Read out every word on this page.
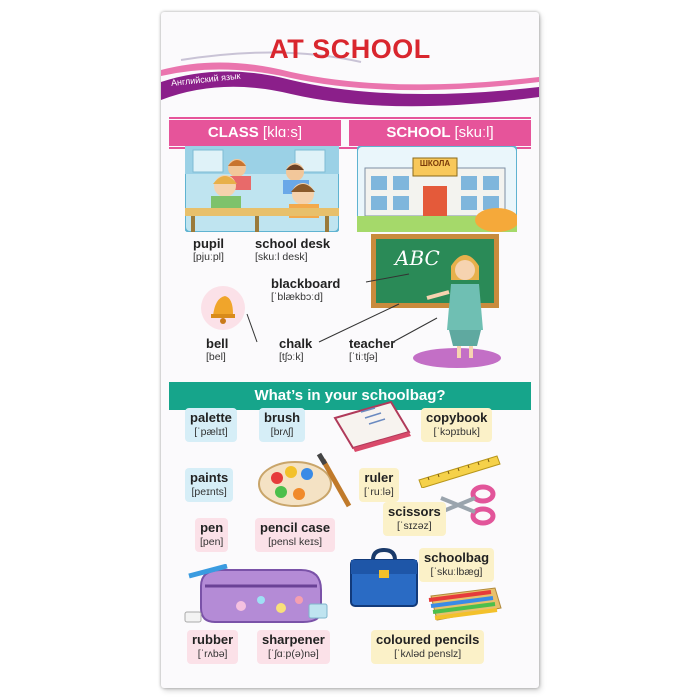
AT SCHOOL
Английский язык
CLASS [klɑːs]	SCHOOL [skuːl]
ШКОЛА
pupil
[pjuːpl]
school desk
[skuːl desk]	ABC
blackboard
[ˈblækbɔːd]
bell
[bel]
chalk
[tʃɔːk]
teacher
[ˈtiːtʃə]
What’s in your schoolbag?
palette
[ˈpælɪt]
brush
[brʌʃ]
copybook
[ˈkɔpɪbuk]
paints
[peɪnts]
ruler
[ˈruːlə]
scissors
[ˈsɪzəz]
pen
[pen]
pencil case
[pensl keɪs]
schoolbag
[ˈskuːlbæg]
rubber
[ˈrʌbə]
sharpener
[ˈʃɑːp(ə)nə]
coloured pencils
[ˈkʌləd penslz]
